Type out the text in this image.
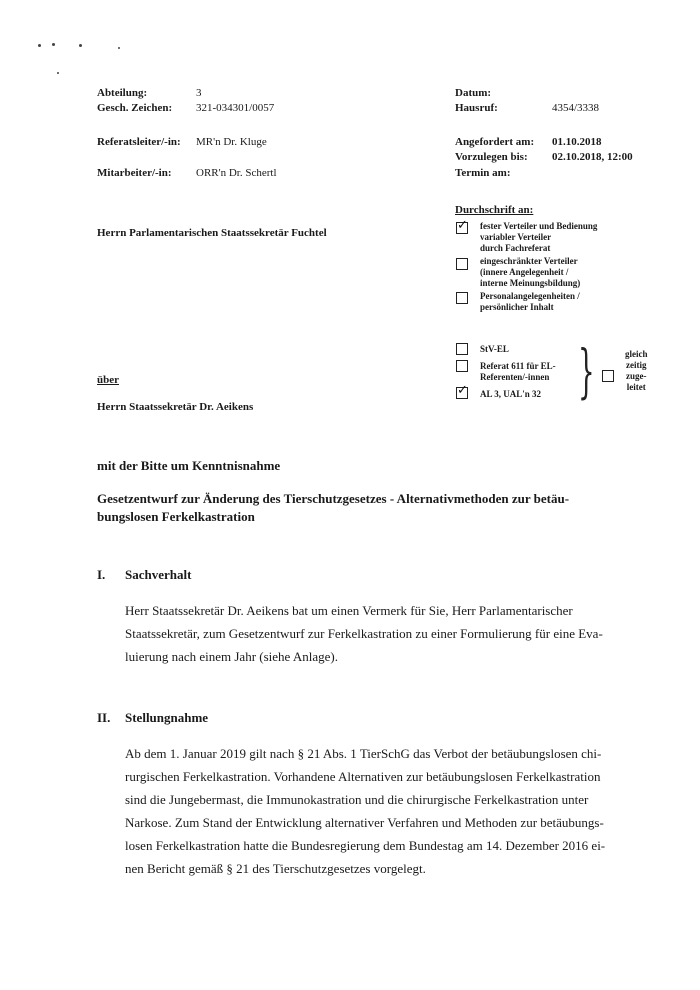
Abteilung:	3
Gesch. Zeichen: 321-034301/0057
Referatsleiter/-in: MR'n Dr. Kluge
Mitarbeiter/-in: ORR'n Dr. Schertl
Datum:
Hausruf:	4354/3338
Angefordert am: 01.10.2018
Vorzulegen bis: 02.10.2018, 12:00
Termin am:
Herrn Parlamentarischen Staatssekretär Fuchtel
Durchschrift an:
✓
fester Verteiler und Bedienung
variabler Verteiler
durch Fachreferat
eingeschränkter Verteiler
(innere Angelegenheit /
interne Meinungsbildung)
Personalangelegenheiten /
persönlicher Inhalt
StV-EL
Referat 611 für EL-
Referenten/-innen
✓
AL 3, UAL'n 32 }	gleich
zeitig
zuge-
leitet
über
Herrn Staatssekretär Dr. Aeikens
mit der Bitte um Kenntnisnahme
Gesetzentwurf zur Änderung des Tierschutzgesetzes - Alternativmethoden zur betäu-
bungslosen Ferkelkastration
I. Sachverhalt
Herr Staatssekretär Dr. Aeikens bat um einen Vermerk für Sie, Herr Parlamentarischer
Staatssekretär, zum Gesetzentwurf zur Ferkelkastration zu einer Formulierung für eine Eva-
luierung nach einem Jahr (siehe Anlage).
II. Stellungnahme
Ab dem 1. Januar 2019 gilt nach § 21 Abs. 1 TierSchG das Verbot der betäubungslosen chi-
rurgischen Ferkelkastration. Vorhandene Alternativen zur betäubungslosen Ferkelkastration
sind die Jungebermast, die Immunokastration und die chirurgische Ferkelkastration unter
Narkose. Zum Stand der Entwicklung alternativer Verfahren und Methoden zur betäubungs-
losen Ferkelkastration hatte die Bundesregierung dem Bundestag am 14. Dezember 2016 ei-
nen Bericht gemäß § 21 des Tierschutzgesetzes vorgelegt.
